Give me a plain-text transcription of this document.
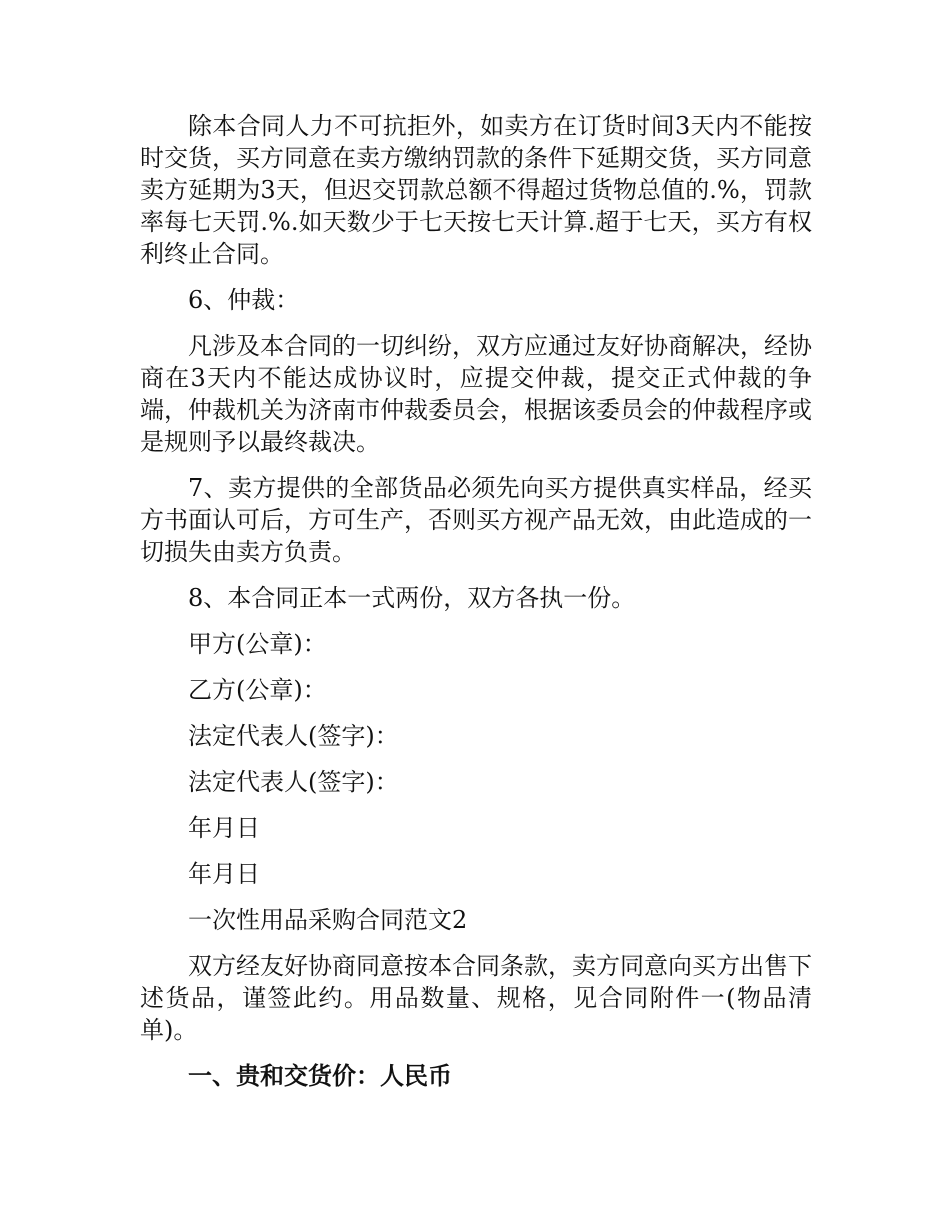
除本合同人力不可抗拒外，如卖方在订货时间3天内不能按时交货，买方同意在卖方缴纳罚款的条件下延期交货，买方同意卖方延期为3天，但迟交罚款总额不得超过货物总值的.%，罚款率每七天罚.%.如天数少于七天按七天计算.超于七天，买方有权利终止合同。

6、仲裁：

凡涉及本合同的一切纠纷，双方应通过友好协商解决，经协商在3天内不能达成协议时，应提交仲裁，提交正式仲裁的争端，仲裁机关为济南市仲裁委员会，根据该委员会的仲裁程序或是规则予以最终裁决。

7、卖方提供的全部货品必须先向买方提供真实样品，经买方书面认可后，方可生产，否则买方视产品无效，由此造成的一切损失由卖方负责。

8、本合同正本一式两份，双方各执一份。

甲方(公章)：

乙方(公章)：

法定代表人(签字)：

法定代表人(签字)：

年月日

年月日

一次性用品采购合同范文2

双方经友好协商同意按本合同条款，卖方同意向买方出售下述货品，谨签此约。用品数量、规格，见合同附件一(物品清单)。

一、贵和交货价：人民币
